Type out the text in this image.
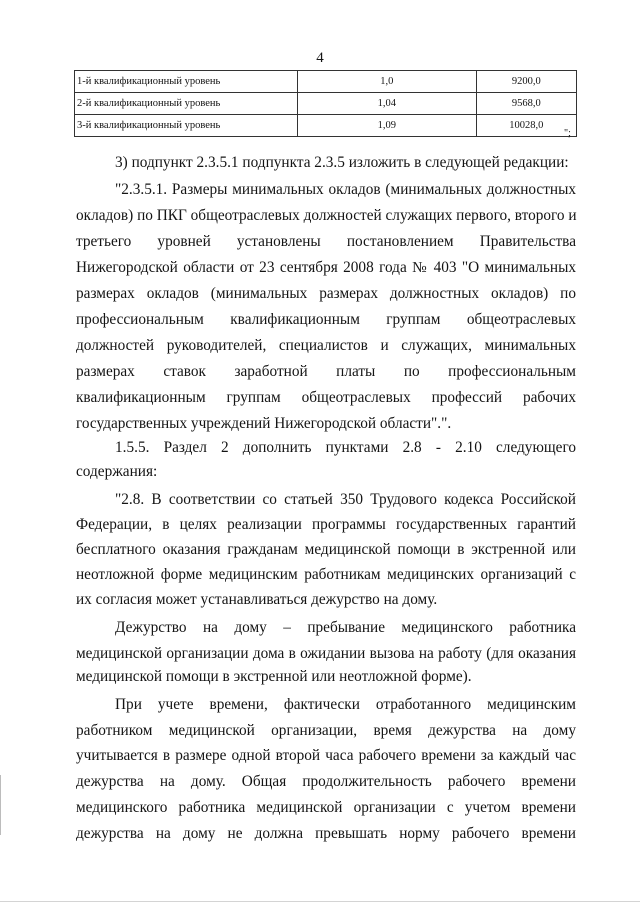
4
1-й квалификационный уровень	1,0	9200,0
2-й квалификационный уровень	1,04	9568,0
3-й квалификационный уровень	1,09	10028,0
";
3) подпункт 2.3.5.1 подпункта 2.3.5 изложить в следующей редакции:
"2.3.5.1. Размеры минимальных окладов (минимальных должностных
окладов) по ПКГ общеотраслевых должностей служащих первого, второго и
третьего уровней установлены постановлением Правительства
Нижегородской области от 23 сентября 2008 года № 403 "О минимальных
размерах окладов (минимальных размерах должностных окладов) по
профессиональным квалификационным группам общеотраслевых
должностей руководителей, специалистов и служащих, минимальных
размерах ставок заработной платы по профессиональным
квалификационным группам общеотраслевых профессий рабочих
государственных учреждений Нижегородской области".".
1.5.5. Раздел 2 дополнить пунктами 2.8 - 2.10 следующего
содержания:
"2.8. В соответствии со статьей 350 Трудового кодекса Российской
Федерации, в целях реализации программы государственных гарантий
бесплатного оказания гражданам медицинской помощи в экстренной или
неотложной форме медицинским работникам медицинских организаций с
их согласия может устанавливаться дежурство на дому.
Дежурство на дому – пребывание медицинского работника
медицинской организации дома в ожидании вызова на работу (для оказания
медицинской помощи в экстренной или неотложной форме).
При учете времени, фактически отработанного медицинским
работником медицинской организации, время дежурства на дому
учитывается в размере одной второй часа рабочего времени за каждый час
дежурства на дому. Общая продолжительность рабочего времени
медицинского работника медицинской организации с учетом времени
дежурства на дому не должна превышать норму рабочего времени
